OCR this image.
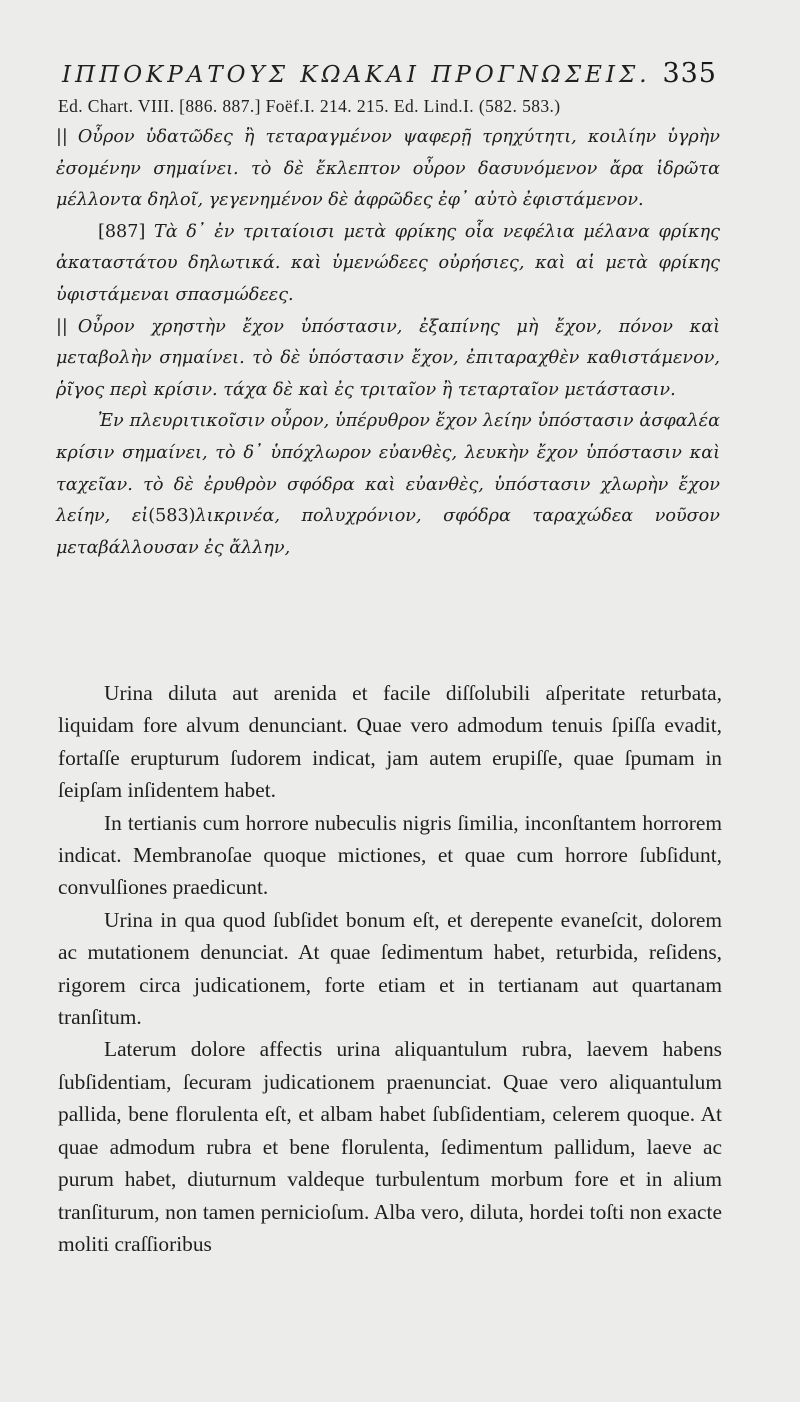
ΙΠΠΟΚΡΑΤΟΥΣ ΚΩΑΚΑΙ ΠΡΟΓΝΩΣΕΙΣ. 335
Ed. Chart. VIII. [886. 887.] Foëf.I. 214. 215. Ed. Lind.I. (582. 583.)

|| Οὖρον ὑδατῶδες ἢ τεταραγμένον ψαφερῇ τρηχύτητι, κοιλίην ὑγρὴν ἐσομένην σημαίνει. τὸ δὲ ἔκλεπτον οὖρον δασυνόμενον ἄρα ἱδρῶτα μέλλοντα δηλοῖ, γεγενημένον δὲ ἀφρῶδες ἐφ᾽ αὐτὸ ἐφιστάμενον.

[887] Τὰ δ᾽ ἐν τριταίοισι μετὰ φρίκης οἷα νεφέλια μέλανα φρίκης ἀκαταστάτου δηλωτικά. καὶ ὑμενώδεες οὐρήσιες, καὶ αἱ μετὰ φρίκης ὑφιστάμεναι σπασμώδεες.

|| Οὖρον χρηστὴν ἔχον ὑπόστασιν, ἐξαπίνης μὴ ἔχον, πόνον καὶ μεταβολὴν σημαίνει. τὸ δὲ ὑπόστασιν ἔχον, ἐπιταραχθὲν καθιστάμενον, ῥῖγος περὶ κρίσιν. τάχα δὲ καὶ ἐς τριταῖον ἢ τεταρταῖον μετάστασιν.

Ἐν πλευριτικοῖσιν οὖρον, ὑπέρυθρον ἔχον λείην ὑπόστασιν ἀσφαλέα κρίσιν σημαίνει, τὸ δ᾽ ὑπόχλωρον εὐανθὲς, λευκὴν ἔχον ὑπόστασιν καὶ ταχεῖαν. τὸ δὲ ἐρυθρὸν σφόδρα καὶ εὐανθὲς, ὑπόστασιν χλωρὴν ἔχον λείην, εἰ(583)λικρινέα, πολυχρόνιον, σφόδρα ταραχώδεα νοῦσον μεταβάλλουσαν ἐς ἄλλην,

Urina diluta aut arenida et facile diſſolubili aſperitate returbata, liquidam fore alvum denunciant. Quae vero admodum tenuis ſpiſſa evadit, fortaſſe erupturum ſudorem indicat, jam autem erupiſſe, quae ſpumam in ſeipſam inſidentem habet.

In tertianis cum horrore nubeculis nigris ſimilia, inconſtantem horrorem indicat. Membranoſae quoque mictiones, et quae cum horrore ſubſidunt, convulſiones praedicunt.

Urina in qua quod ſubſidet bonum eſt, et derepente evaneſcit, dolorem ac mutationem denunciat. At quae ſedimentum habet, returbida, reſidens, rigorem circa judicationem, forte etiam et in tertianam aut quartanam tranſitum.

Laterum dolore affectis urina aliquantulum rubra, laevem habens ſubſidentiam, ſecuram judicationem praenunciat. Quae vero aliquantulum pallida, bene florulenta eſt, et albam habet ſubſidentiam, celerem quoque. At quae admodum rubra et bene florulenta, ſedimentum pallidum, laeve ac purum habet, diuturnum valdeque turbulentum morbum fore et in alium tranſiturum, non tamen pernicioſum. Alba vero, diluta, hordei toſti non exacte moliti craſſioribus
